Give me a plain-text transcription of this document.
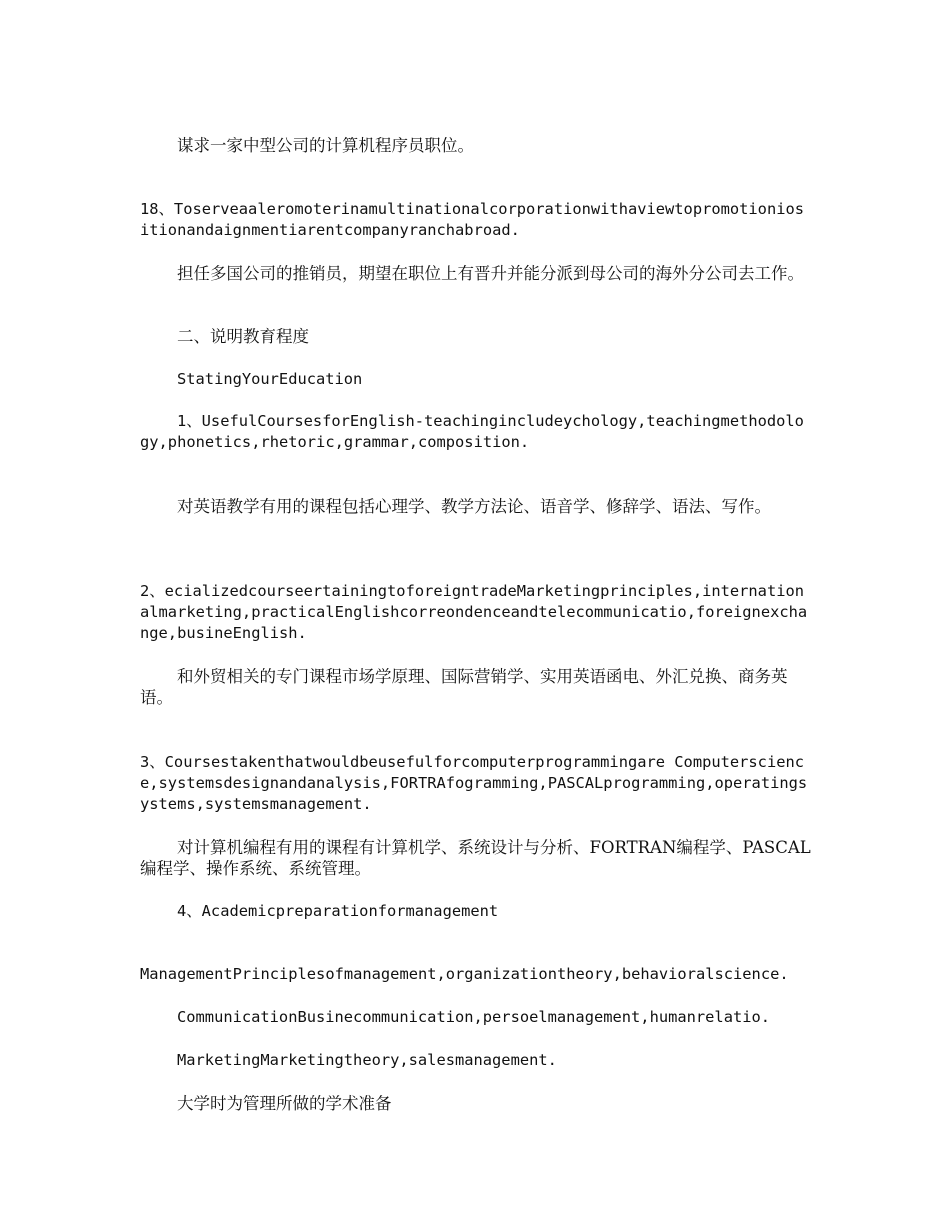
谋求一家中型公司的计算机程序员职位。

18、Toserveaaleromoterinamultinationalcorporationwithaviewtopromotioniositionandaignmentiarentcompanyranchabroad.

担任多国公司的推销员，期望在职位上有晋升并能分派到母公司的海外分公司去工作。

二、说明教育程度

StatingYourEducation

1、UsefulCoursesforEnglish-teachingincludeychology,teachingmethodology,phonetics,rhetoric,grammar,composition.

对英语教学有用的课程包括心理学、教学方法论、语音学、修辞学、语法、写作。

2、ecializedcourseertainingtoforeigntradeMarketingprinciples,internationalmarketing,practicalEnglishcorreondenceandtelecommunicatio,foreignexchange,busineEnglish.

和外贸相关的专门课程市场学原理、国际营销学、实用英语函电、外汇兑换、商务英语。

3、Coursestakenthatwouldbeusefulforcomputerprogrammingare Computerscience,systemsdesignandanalysis,FORTRAfogramming,PASCALprogramming,operatingsystems,systemsmanagement.

对计算机编程有用的课程有计算机学、系统设计与分析、FORTRAN编程学、PASCAL编程学、操作系统、系统管理。

4、Academicpreparationformanagement

ManagementPrinciplesofmanagement,organizationtheory,behavioralscience.

CommunicationBusinecommunication,persoelmanagement,humanrelatio.

MarketingMarketingtheory,salesmanagement.

大学时为管理所做的学术准备
